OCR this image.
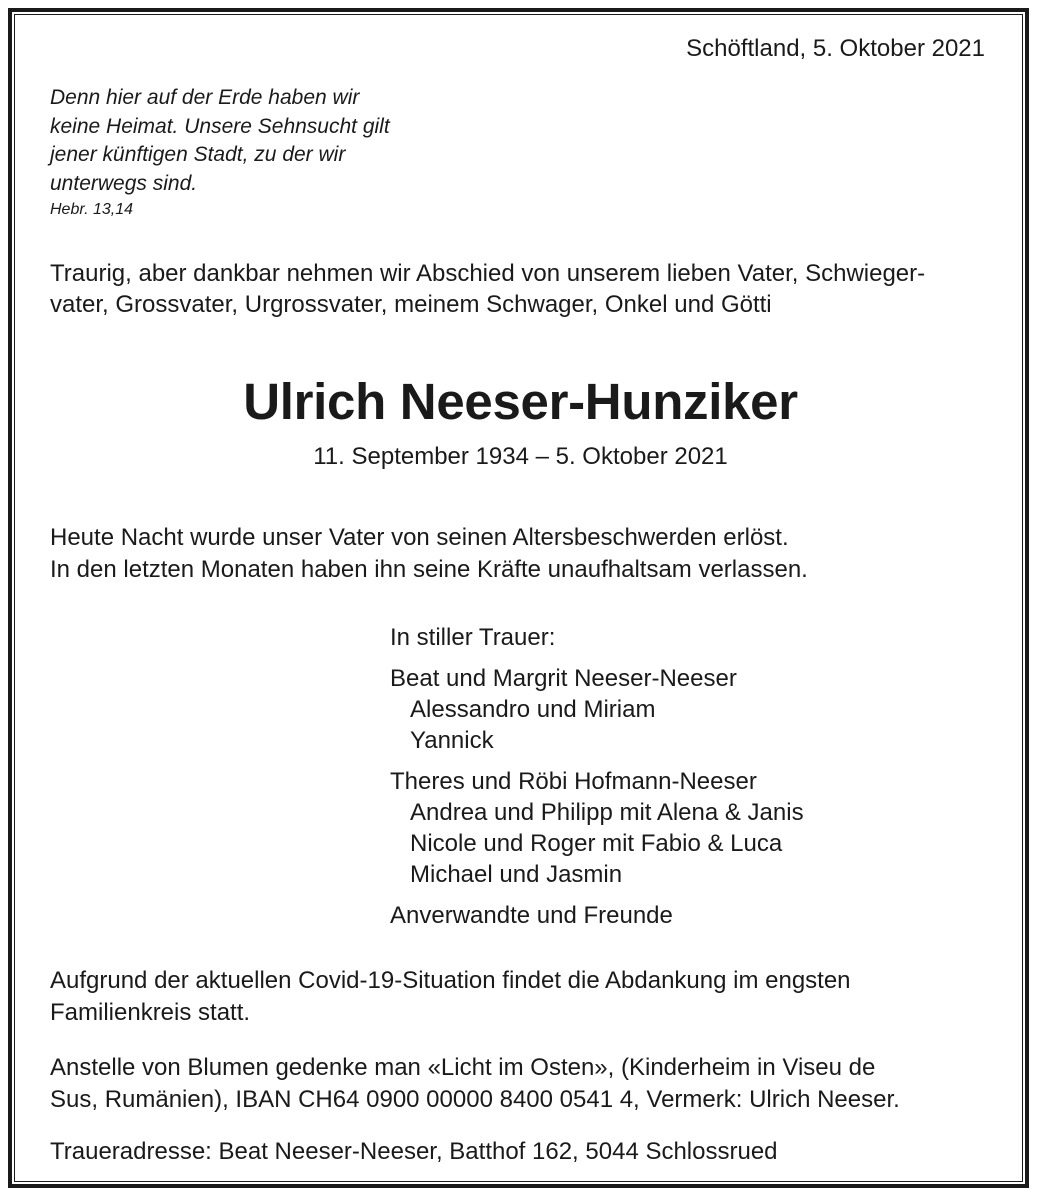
Schöftland, 5. Oktober 2021
Denn hier auf der Erde haben wir
keine Heimat. Unsere Sehnsucht gilt
jener künftigen Stadt, zu der wir
unterwegs sind.
Hebr. 13,14
Traurig, aber dankbar nehmen wir Abschied von unserem lieben Vater, Schwieger-
vater, Grossvater, Urgrossvater, meinem Schwager, Onkel und Götti
Ulrich Neeser-Hunziker
11. September 1934 – 5. Oktober 2021
Heute Nacht wurde unser Vater von seinen Altersbeschwerden erlöst.
In den letzten Monaten haben ihn seine Kräfte unaufhaltsam verlassen.
In stiller Trauer:
Beat und Margrit Neeser-Neeser
Alessandro und Miriam
Yannick
Theres und Röbi Hofmann-Neeser
Andrea und Philipp mit Alena & Janis
Nicole und Roger mit Fabio & Luca
Michael und Jasmin
Anverwandte und Freunde
Aufgrund der aktuellen Covid-19-Situation findet die Abdankung im engsten
Familienkreis statt.
Anstelle von Blumen gedenke man «Licht im Osten», (Kinderheim in Viseu de
Sus, Rumänien), IBAN CH64 0900 00000 8400 0541 4, Vermerk: Ulrich Neeser.
Traueradresse: Beat Neeser-Neeser, Batthof 162, 5044 Schlossrued
